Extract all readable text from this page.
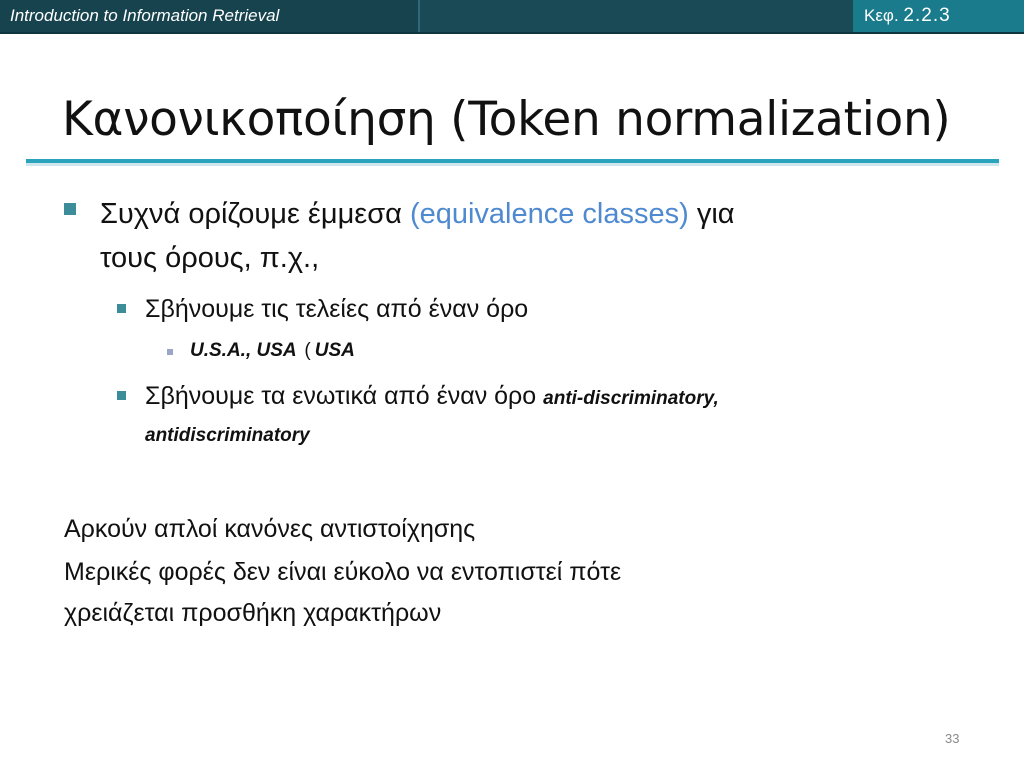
Introduction to Information Retrieval	Κεφ. 2.2.3
Κανονικοποίηση (Token normalization)
Συχνά ορίζουμε έμμεσα (equivalence classes) για
τους όρους, π.χ.,
Σβήνουμε τις τελείες από έναν όρο
U.S.A., USA ( USA
Σβήνουμε τα ενωτικά από έναν όρο anti-discriminatory,
antidiscriminatory
Αρκούν απλοί κανόνες αντιστοίχησης
Μερικές φορές δεν είναι εύκολο να εντοπιστεί πότε
χρειάζεται προσθήκη χαρακτήρων
33
